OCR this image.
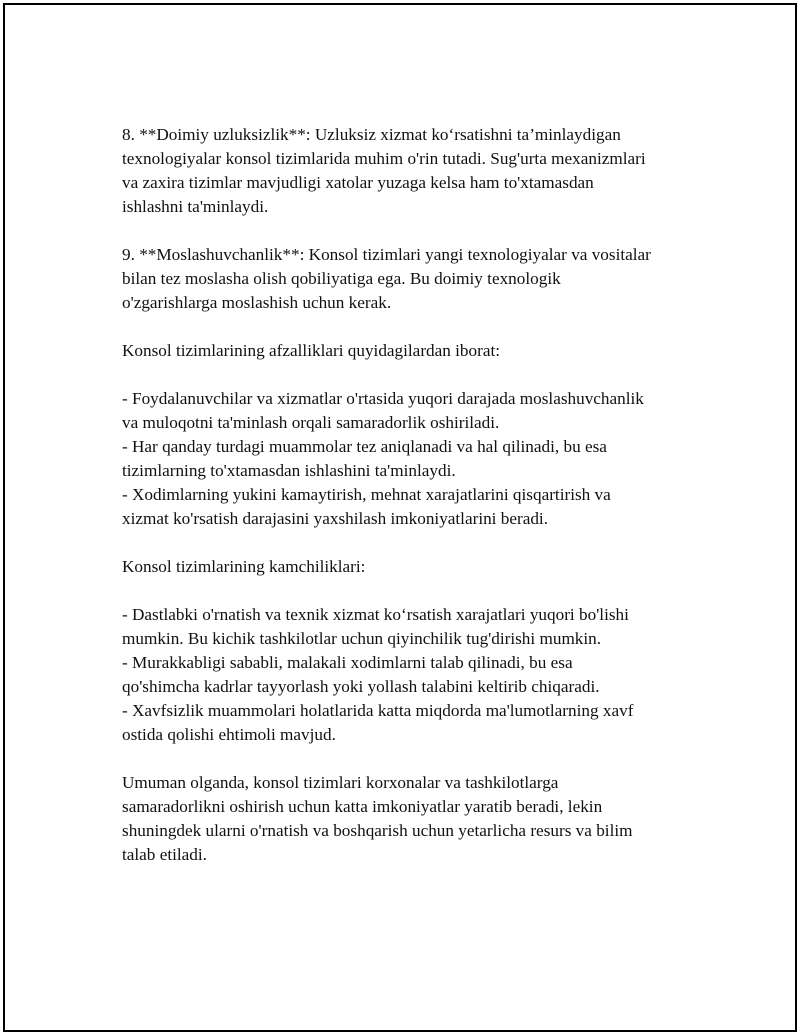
8. **Doimiy uzluksizlik**: Uzluksiz xizmat ko‘rsatishni ta’minlaydigan
texnologiyalar konsol tizimlarida muhim o'rin tutadi. Sug'urta mexanizmlari
va zaxira tizimlar mavjudligi xatolar yuzaga kelsa ham to'xtamasdan
ishlashni ta'minlaydi.
9. **Moslashuvchanlik**: Konsol tizimlari yangi texnologiyalar va vositalar
bilan tez moslasha olish qobiliyatiga ega. Bu doimiy texnologik
o'zgarishlarga moslashish uchun kerak.
Konsol tizimlarining afzalliklari quyidagilardan iborat:
- Foydalanuvchilar va xizmatlar o'rtasida yuqori darajada moslashuvchanlik
va muloqotni ta'minlash orqali samaradorlik oshiriladi.
- Har qanday turdagi muammolar tez aniqlanadi va hal qilinadi, bu esa
tizimlarning to'xtamasdan ishlashini ta'minlaydi.
- Xodimlarning yukini kamaytirish, mehnat xarajatlarini qisqartirish va
xizmat ko'rsatish darajasini yaxshilash imkoniyatlarini beradi.
Konsol tizimlarining kamchiliklari:
- Dastlabki o'rnatish va texnik xizmat ko‘rsatish xarajatlari yuqori bo'lishi
mumkin. Bu kichik tashkilotlar uchun qiyinchilik tug'dirishi mumkin.
- Murakkabligi sababli, malakali xodimlarni talab qilinadi, bu esa
qo'shimcha kadrlar tayyorlash yoki yollash talabini keltirib chiqaradi.
- Xavfsizlik muammolari holatlarida katta miqdorda ma'lumotlarning xavf
ostida qolishi ehtimoli mavjud.
Umuman olganda, konsol tizimlari korxonalar va tashkilotlarga
samaradorlikni oshirish uchun katta imkoniyatlar yaratib beradi, lekin
shuningdek ularni o'rnatish va boshqarish uchun yetarlicha resurs va bilim
talab etiladi.
